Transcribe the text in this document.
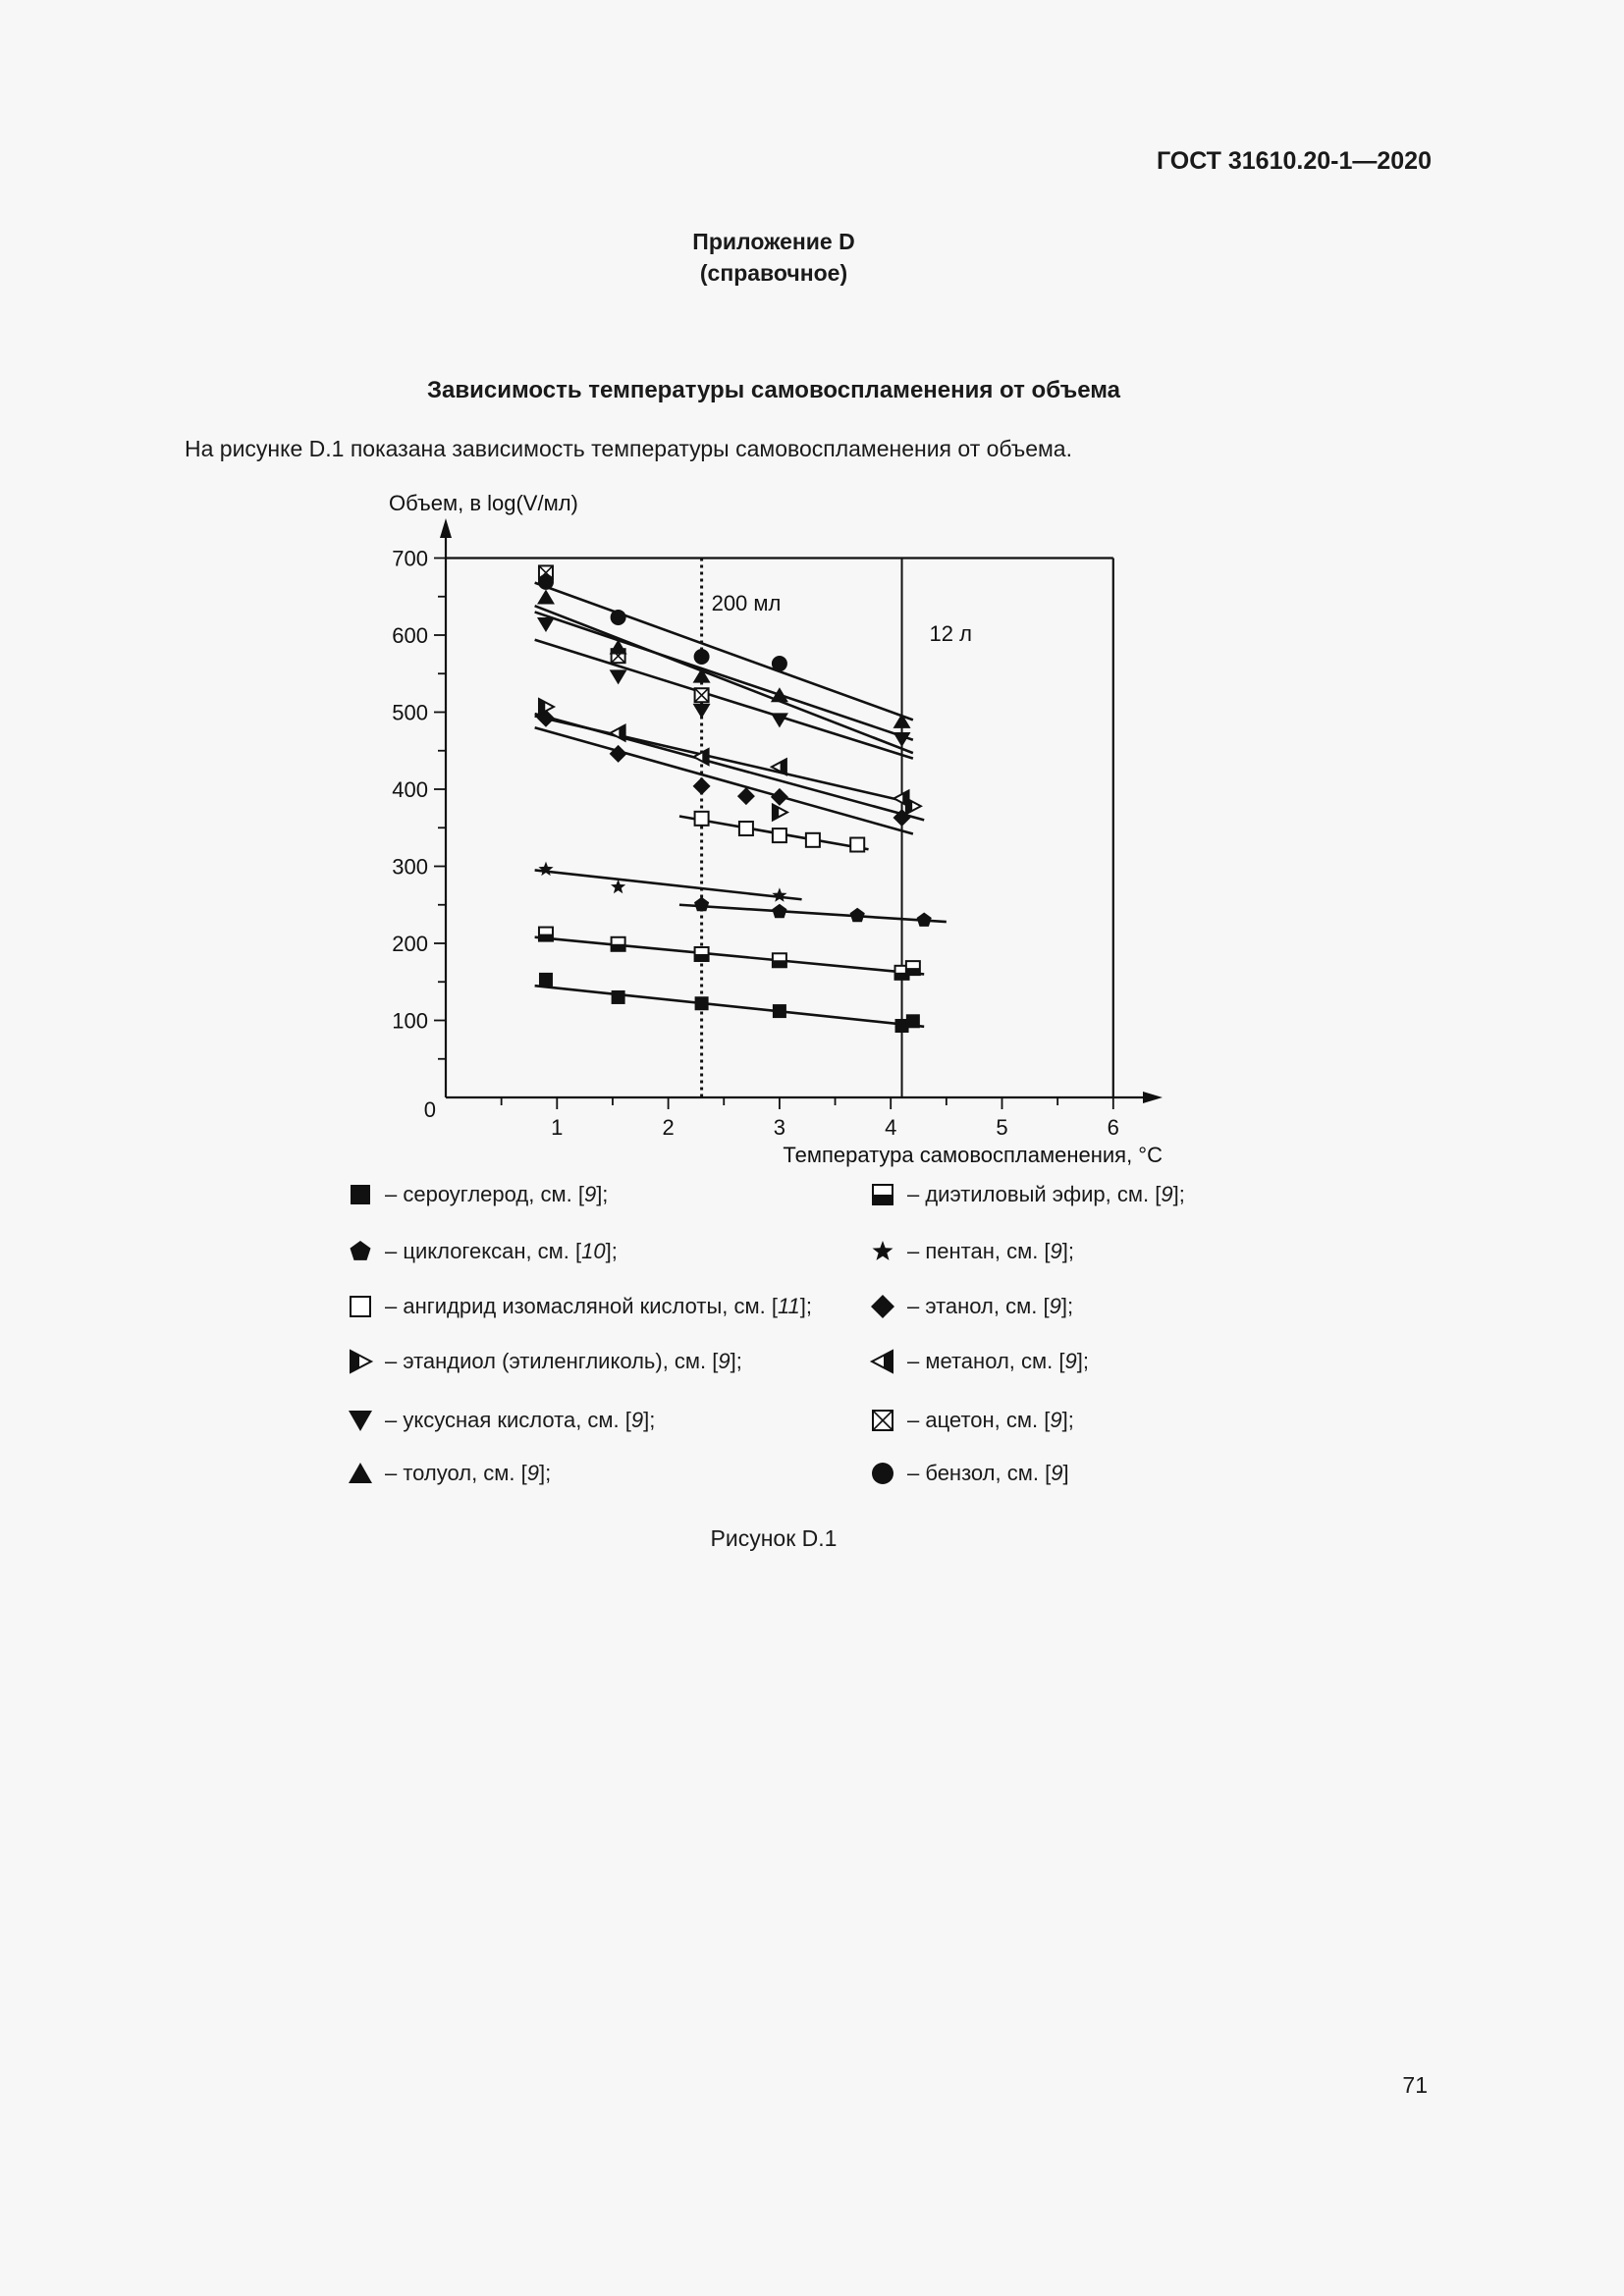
ГОСТ 31610.20-1—2020
Приложение D
(справочное)
Зависимость температуры самовоспламенения от объема
На рисунке D.1 показана зависимость температуры самовоспламенения от объема.
100
200
300
400
500
600
700
1	2	3	4	5	6
0
Объем, в log(V/мл)
Температура самовоспламенения, °C
200 мл
12 л
– сероуглерод, см. [9];	– диэтиловый эфир, см. [9];
– циклогексан, см. [10];	– пентан, см. [9];
– ангидрид изомасляной кислоты, см. [11];	– этанол, см. [9];
– этандиол (этиленгликоль), см. [9];	– метанол, см. [9];
– уксусная кислота, см. [9];	– ацетон, см. [9];
– толуол, см. [9];	– бензол, см. [9]
Рисунок D.1
71
